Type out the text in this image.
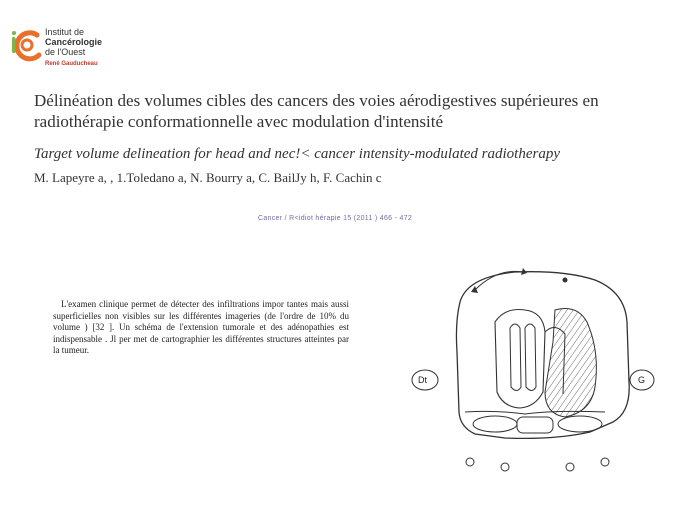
Institut de
Cancérologie
de l'Ouest
René Gauducheau
Délinéation des volumes cibles des cancers des voies aérodigestives supérieures en radiothérapie conformationnelle avec modulation d'intensité
Target volume delineation for head and nec!< cancer intensity-modulated radiotherapy
M. Lapeyre a, , 1.Toledano a, N. Bourry a, C. BailJy h, F. Cachin c
Cancer / R<idiot hérapie 15 (2011 ) 466 - 472
L'examen clinique permet de détecter des infiltrations impor tantes mais aussi superficielles non visibles sur les différentes imageries (de l'ordre de 10% du volume ) [32 ]. Un schéma de l'extension tumorale et des adénopathies est indispensable . Jl per met de cartographier les différentes structures atteintes par la tumeur.
Dt	G
